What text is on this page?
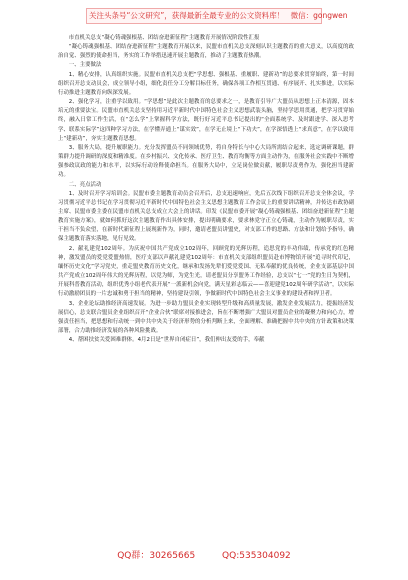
关注头条号“公文研究”，获得最新全最专业的公文资料库！ 微信：gongwen

市直机关总支“凝心铸魂强根基、团结奋进新征程”主题教育开展情况阶段性汇报

“凝心铸魂强根基、团结奋进新征程”主题教育开展以来，民盟市直机关总支深刻认识主题教育的重大意义，以高度的政治自觉、强烈的使命担当，务实的工作举措迅速开展主题教育，推动了主题教育热潮。

一、主要做法

1、精心安排，认真组织实施。民盟市直机关总支把“学思想、强根基、重履职、建新功”的总要求贯穿始终，第一时间组织召开总支动员会，成立领导小组，细化责任分工分解目标任务，确保各项工作相互贯通、有序展开、扎实推进，以实际行动推进主题教育向纵深发展。

2、强化学习，注重学以致用。“学思想”是此次主题教育的总要求之一，是教育引导广大盟员从思想上正本清源，固本培元的重要法宝。民盟市直机关总支坚持用习近平新时代中国特色社会主义思想武装头脑，坚持学思用贯通，把学习贯穿始终，融入日常工作生活，在“怎么学”上掌握科学方法，既行好习近平总书记提出的“全面系统学、及时跟进学、深入思考学、联系实际学”这四种学习方法，在学懂弄通上“谋实效”，在学无止境上“下功夫”，在学深悟透上“求真意”，在学以致用上“建新功”，夯实主题教育思想。

3、服务大局，提升履职能力。充分发挥盟员不同领域优势，将自身特长与中心大局所需结合起来，选定调研课题，群策群力提升调研的深度和精准度。在乡村振兴、文化传承、医疗卫生、教育均衡等方面主动作为，在服务社会实践中不断增强参政议政的能力和水平，以实际行动诠释使命担当。在服务大局中，立足岗位做贡献，履职尽责勇作为，强化担当建新功。

二、亮点活动

1、及时召开学习培训会。民盟市委主题教育动员会召开后，总支迅速响应，先后五次线下组织召开总支全体会议，学习贯彻习近平总书记在学习贯彻习近平新时代中国特色社会主义思想主题教育工作会议上的重要讲话精神，并传达市政协副主席、民盟市委主委在民盟市直机关总支成立大会上的讲话。印发《民盟市委开展“凝心铸魂强根基、团结奋进新征程”主题教育实施方案》，就如何抓好这次主题教育作出具体安排，提出明确要求，要求林党守正立心铸魂，主动作为履职尽责，实干担当不负众望，在新时代新征程上展现新作为，同时，邀请老盟员讲盟史，对支部工作的思路、方法和计划给予指导，确保主题教育落实落地，见行见效。

2、献礼建党102周年。为庆祝中国共产党成立102周年，回顾党的光辉历程，追思党的丰功伟绩，传承党的红色精神，激发盟员的爱党爱盟热情，医疗支部以声献礼建党102周年：市直机关支部组织盟员赴市博物馆开展“追寻时代印记，缅怀历史文化”学习党史，重走盟史教育历史文化，继承和发扬先辈们爱党爱国、无私奉献的优良传统，企业支部基层中国共产党成立102周年伟大的光辉历程，以党为师，为党生光，请老盟员分享盟务工作经验，总支以“七一”党的生日为契机，开展科普教育活动，组织优秀小组老代表开展“一派新机会向党，满天星彩志临云——喜迎建党102周年研学活动”，以实际行动激励团员的一片忠诚和勇于担当的精神，坚持建设引领，争做新时代中国特色社会主义事业的建设者和捍卫者。

3、企业论坛助推经济高速发展。为进一步助力盟员企业实现转型升级和高质量发展，激发企业发展活力，提振经济发展信心，总支联合盟员企业组织召开“企业合伙”联席对接推进会，旨在不断增强广大盟员对盟员企业的凝聚力和向心力，增强责任担当，把思想和行动统一到中共中央关于经济形势的分析判断上来，全面理解、准确把握中共中央的方针政策和决策部署，合力助推经济发展的各种风险挑战。

4、帮困扶贫关爱困难群体。4月2日是“世界自闭症日”，我们伸出友爱的手，奉献

QQ群：30265665	QQ:535304092
